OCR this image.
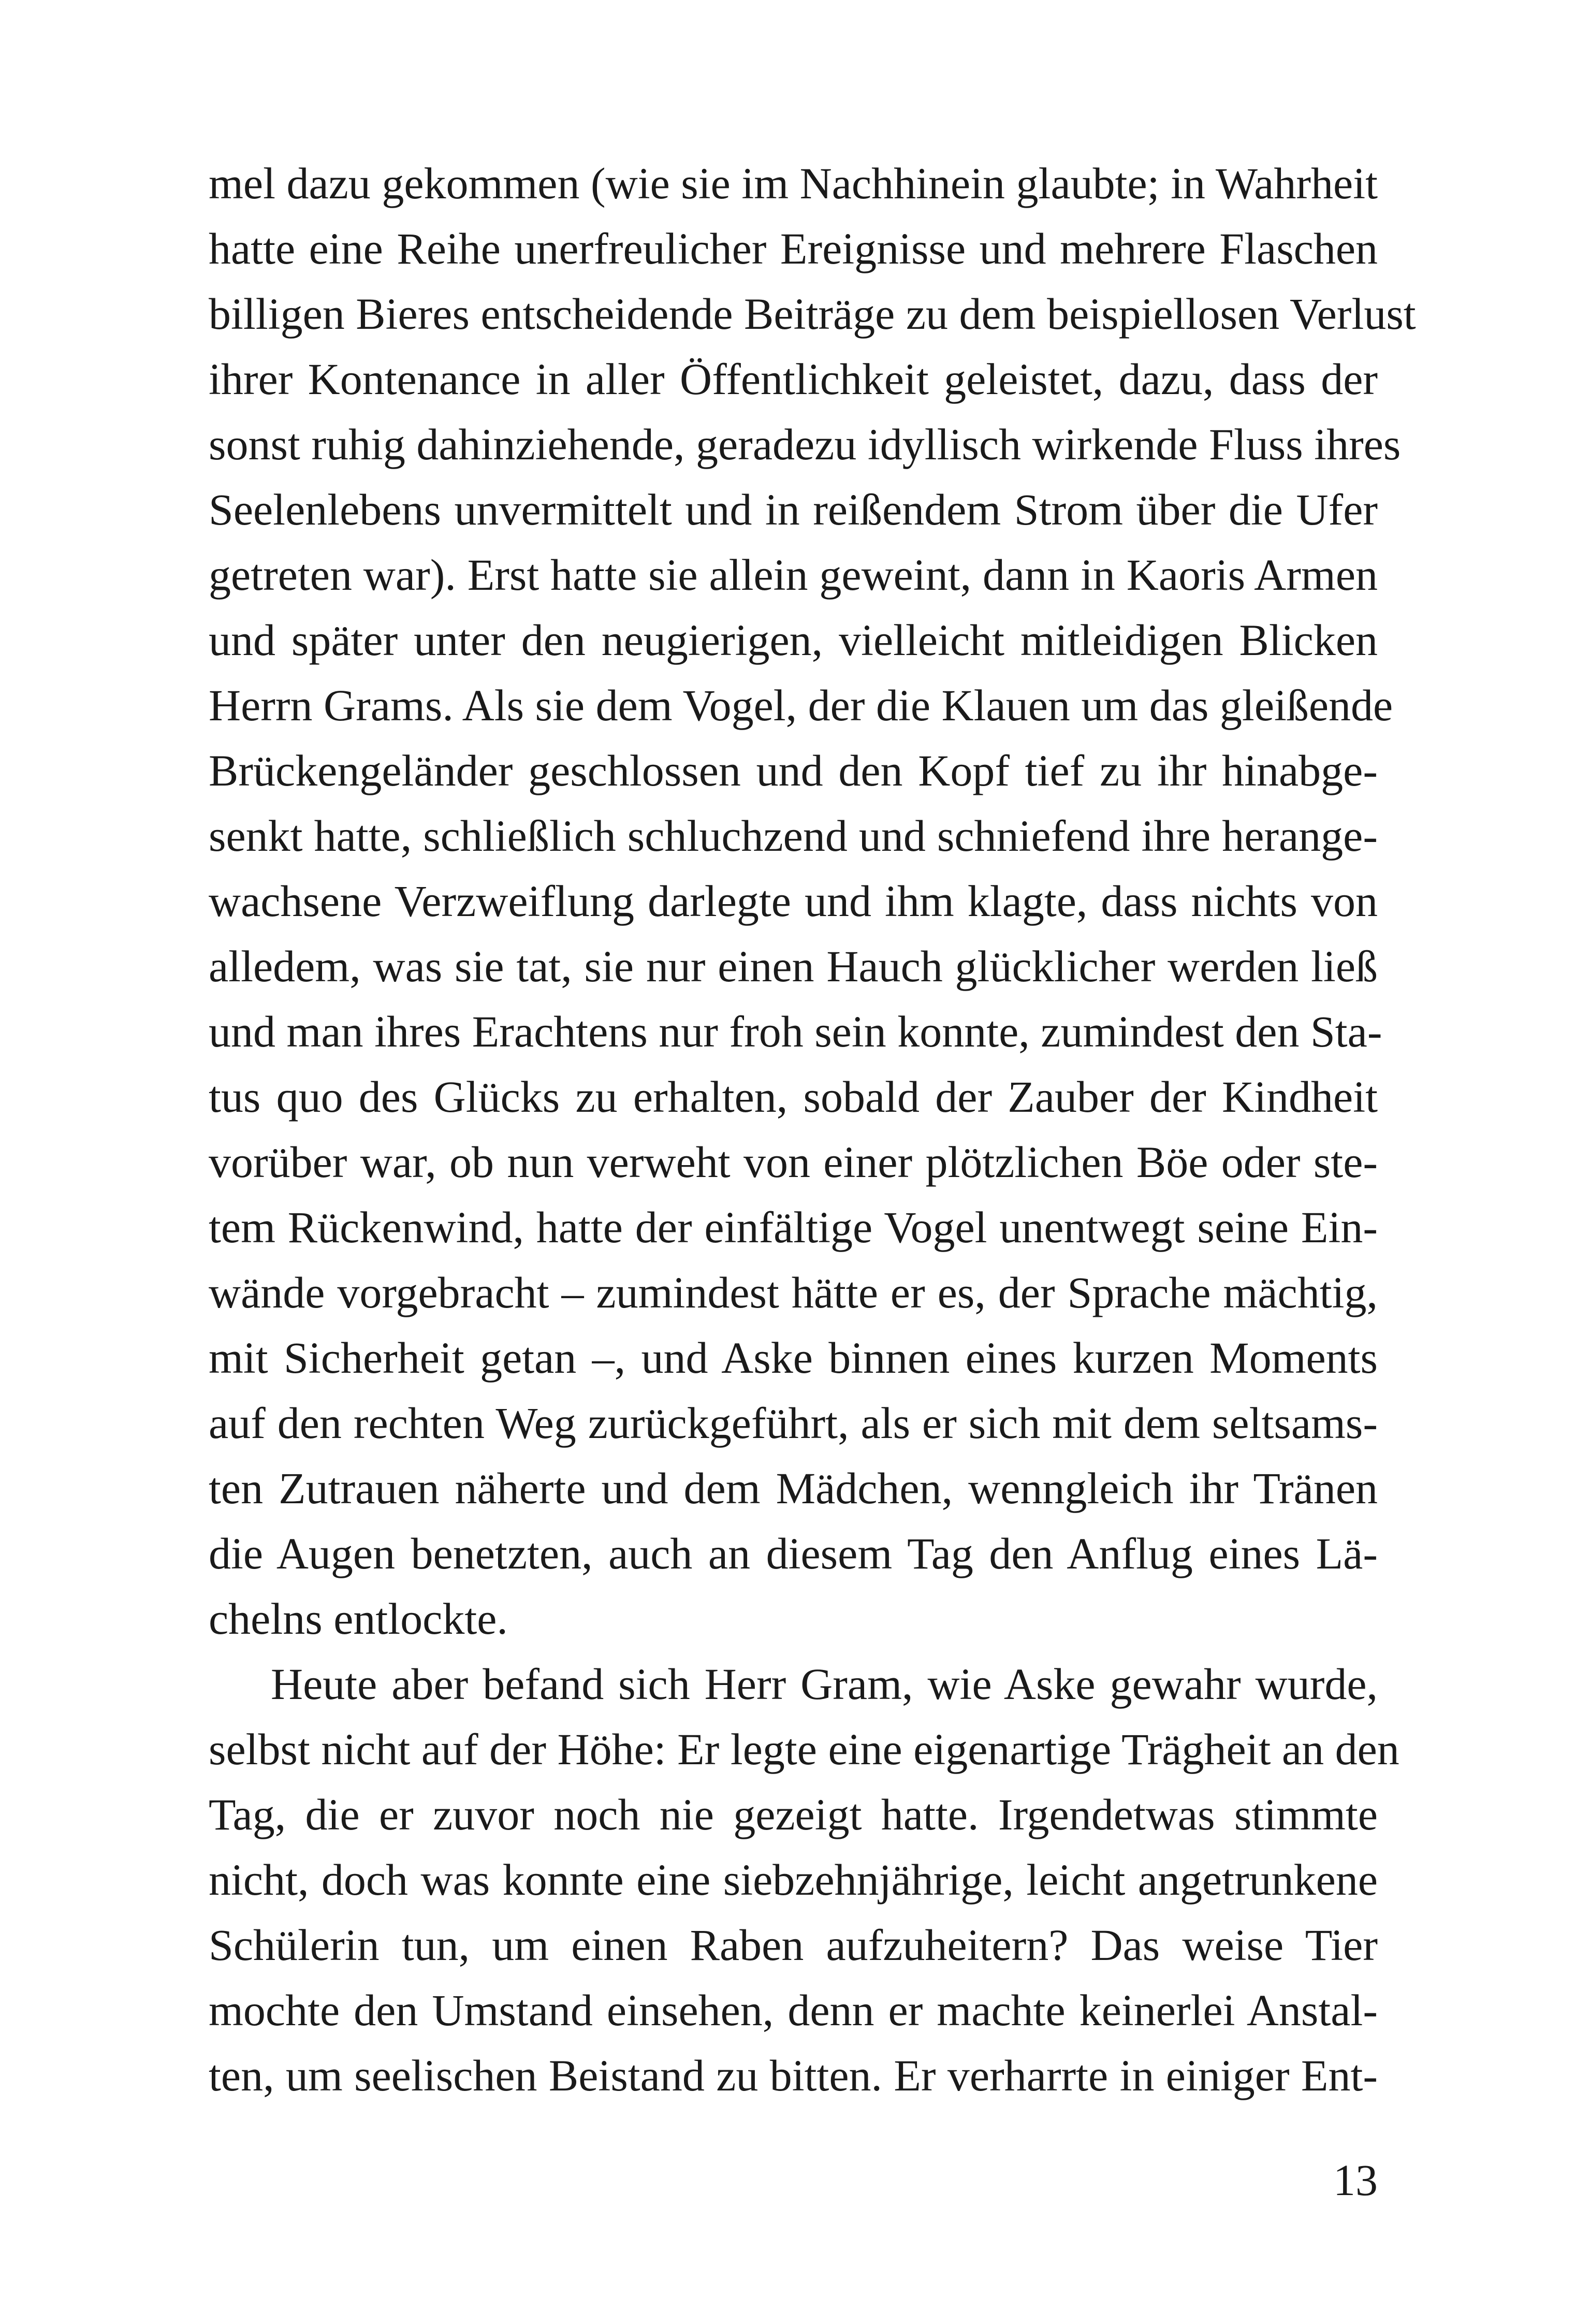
mel dazu gekommen (wie sie im Nachhinein glaubte; in Wahrheit
hatte eine Reihe unerfreulicher Ereignisse und mehrere Flaschen
billigen Bieres entscheidende Beiträge zu dem beispiellosen Verlust
ihrer Kontenance in aller Öffentlichkeit geleistet, dazu, dass der
sonst ruhig dahinziehende, geradezu idyllisch wirkende Fluss ihres
Seelenlebens unvermittelt und in reißendem Strom über die Ufer
getreten war). Erst hatte sie allein geweint, dann in Kaoris Armen
und später unter den neugierigen, vielleicht mitleidigen Blicken
Herrn Grams. Als sie dem Vogel, der die Klauen um das gleißende
Brückengeländer geschlossen und den Kopf tief zu ihr hinabge-
senkt hatte, schließlich schluchzend und schniefend ihre herange-
wachsene Verzweiflung darlegte und ihm klagte, dass nichts von
alledem, was sie tat, sie nur einen Hauch glücklicher werden ließ
und man ihres Erachtens nur froh sein konnte, zumindest den Sta-
tus quo des Glücks zu erhalten, sobald der Zauber der Kindheit
vorüber war, ob nun verweht von einer plötzlichen Böe oder ste-
tem Rückenwind, hatte der einfältige Vogel unentwegt seine Ein-
wände vorgebracht – zumindest hätte er es, der Sprache mächtig,
mit Sicherheit getan –, und Aske binnen eines kurzen Moments
auf den rechten Weg zurückgeführt, als er sich mit dem seltsams-
ten Zutrauen näherte und dem Mädchen, wenngleich ihr Tränen
die Augen benetzten, auch an diesem Tag den Anflug eines Lä-
chelns entlockte.
Heute aber befand sich Herr Gram, wie Aske gewahr wurde,
selbst nicht auf der Höhe: Er legte eine eigenartige Trägheit an den
Tag, die er zuvor noch nie gezeigt hatte. Irgendetwas stimmte
nicht, doch was konnte eine siebzehnjährige, leicht angetrunkene
Schülerin tun, um einen Raben aufzuheitern? Das weise Tier
mochte den Umstand einsehen, denn er machte keinerlei Anstal-
ten, um seelischen Beistand zu bitten. Er verharrte in einiger Ent-
13
